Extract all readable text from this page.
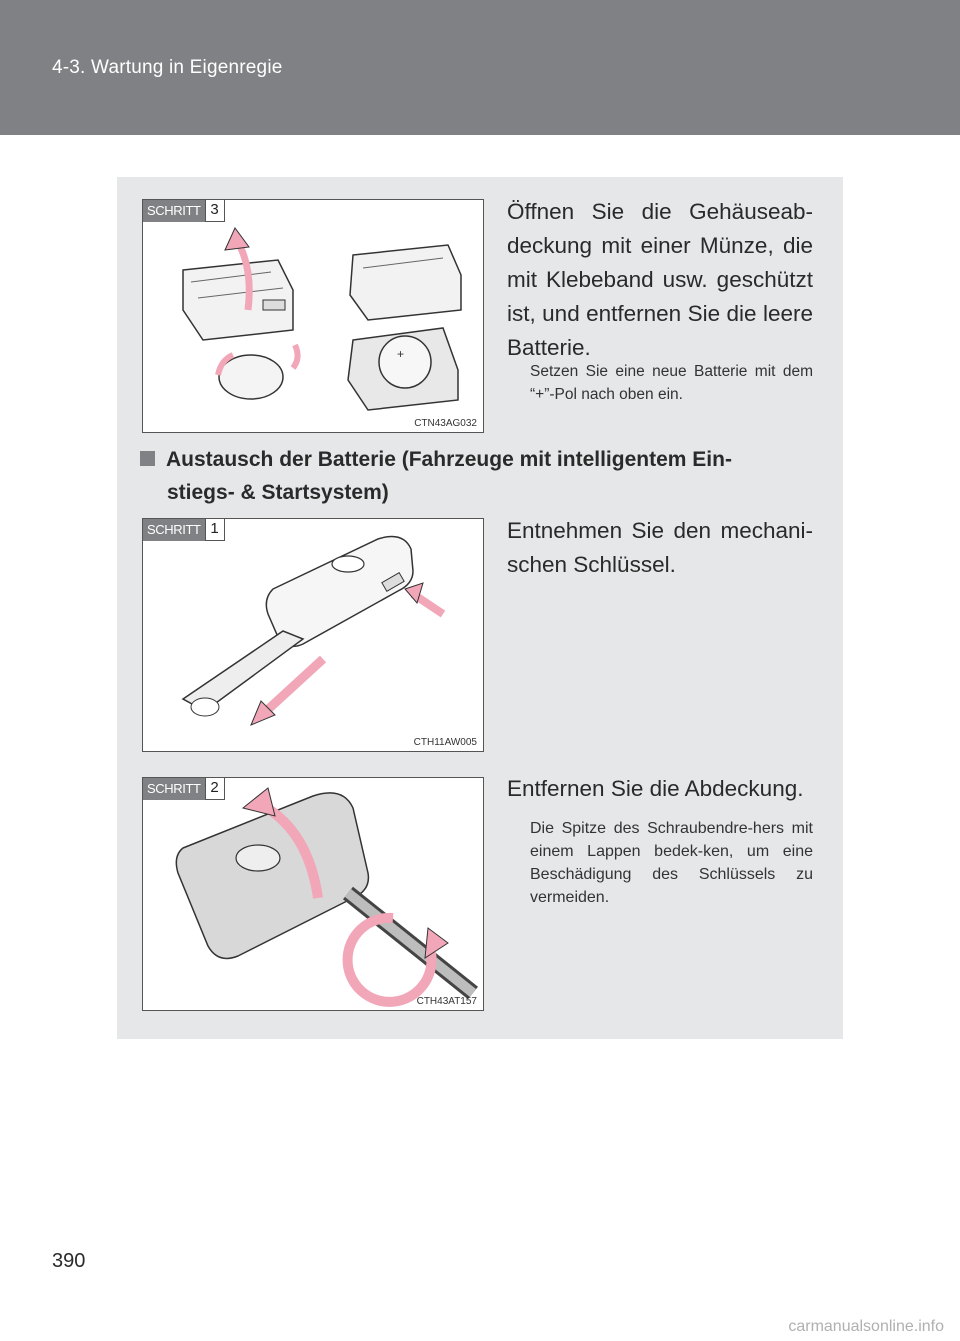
4-3. Wartung in Eigenregie
+
SCHRITT 3
CTN43AG032
Öffnen Sie die Gehäuseab-deckung mit einer Münze, die mit Klebeband usw. geschützt ist, und entfernen Sie die leere Batterie.
Setzen Sie eine neue Batterie mit dem “+”-Pol nach oben ein.
Austausch der Batterie (Fahrzeuge mit intelligentem Ein-
stiegs- & Startsystem)
SCHRITT 1
CTH11AW005
Entnehmen Sie den mechani-schen Schlüssel.
SCHRITT 2
CTH43AT157
Entfernen Sie die Abdeckung.
Die Spitze des Schraubendre-hers mit einem Lappen bedek-ken, um eine Beschädigung des Schlüssels zu vermeiden.
390
carmanualsonline.info
